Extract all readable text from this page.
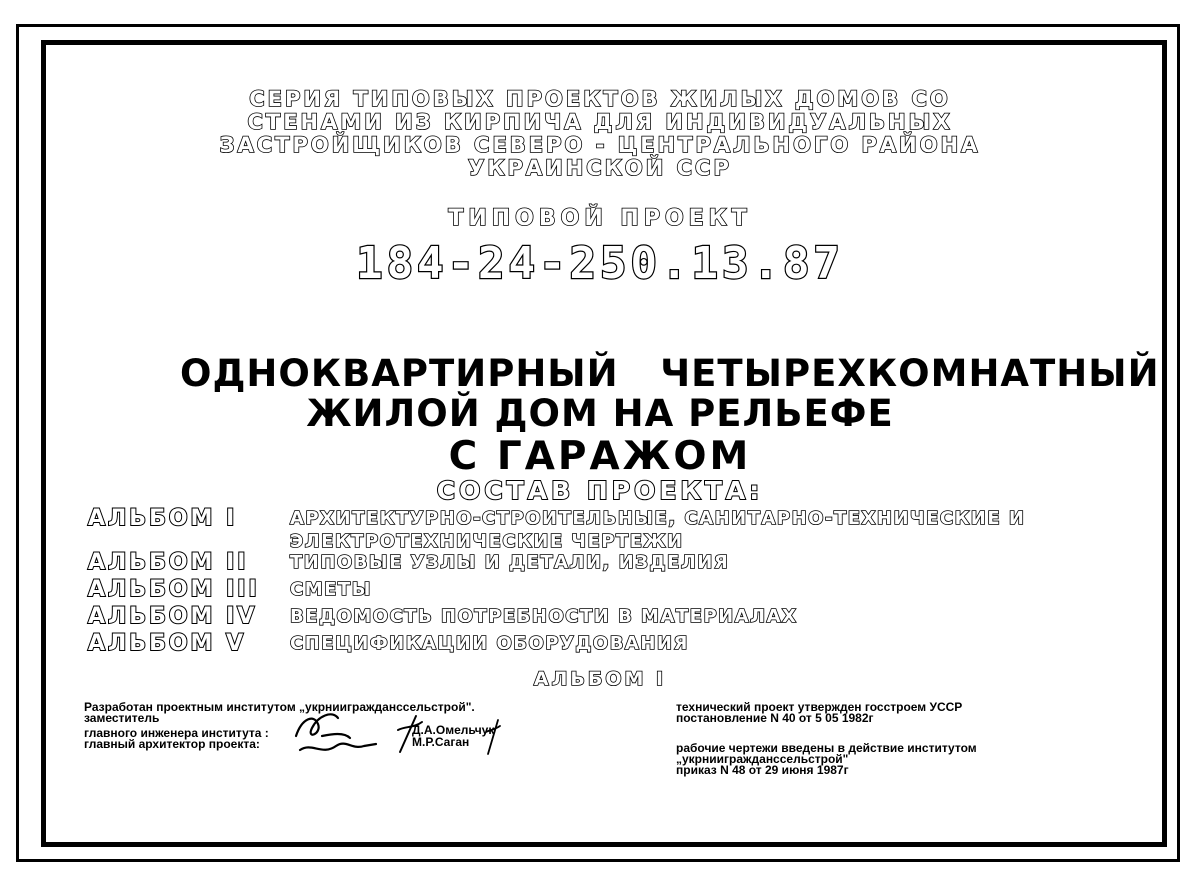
СЕРИЯ ТИПОВЫХ ПРОЕКТОВ ЖИЛЫХ ДОМОВ СО
СТЕНАМИ ИЗ КИРПИЧА ДЛЯ ИНДИВИДУАЛЬНЫХ
ЗАСТРОЙЩИКОВ СЕВЕРО - ЦЕНТРАЛЬНОГО РАЙОНА
УКРАИНСКОЙ ССР
ТИПОВОЙ ПРОЕКТ
184-24-250.13.87
ОДНОКВАРТИРНЫЙ   ЧЕТЫРЕХКОМНАТНЫЙ
ЖИЛОЙ ДОМ НА РЕЛЬЕФЕ
С ГАРАЖОМ
СОСТАВ ПРОЕКТА:
АЛЬБОМ I	АРХИТЕКТУРНО-СТРОИТЕЛЬНЫЕ, САНИТАРНО-ТЕХНИЧЕСКИЕ И
ЭЛЕКТРОТЕХНИЧЕСКИЕ ЧЕРТЕЖИ
АЛЬБОМ II ТИПОВЫЕ УЗЛЫ И ДЕТАЛИ, ИЗДЕЛИЯ
АЛЬБОМ III СМЕТЫ
АЛЬБОМ IV ВЕДОМОСТЬ ПОТРЕБНОСТИ В МАТЕРИАЛАХ
АЛЬБОМ V СПЕЦИФИКАЦИИ ОБОРУДОВАНИЯ
АЛЬБОМ I
Разработан проектным институтом „укрниигражданссельстрой".
заместитель
главного инженера института :
главный архитектор проекта:
Д.А.Омельчук
М.Р.Саган
технический проект утвержден госстроем УССР
постановление N 40 от 5 05 1982г
рабочие чертежи введены в действие институтом
„укрниигражданссельстрой"
приказ N 48 от 29 июня 1987г
